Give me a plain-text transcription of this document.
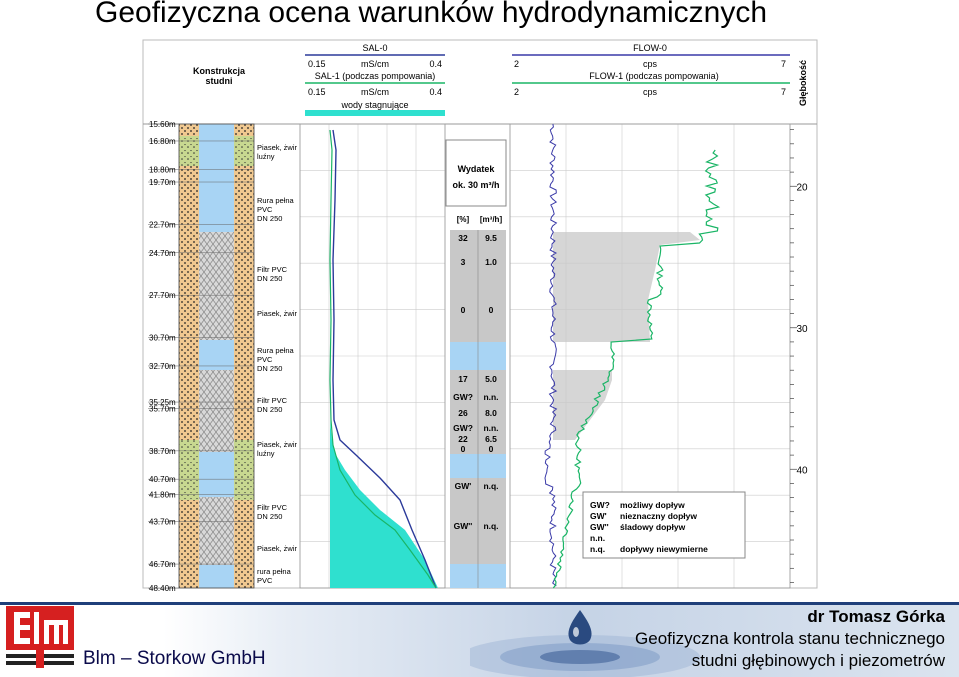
Geofizyczna ocena warunków hydrodynamicznych
Konstrukcja
studni
SAL-0
0.15	mS/cm	0.4
SAL-1 (podczas pompowania)
0.15	mS/cm	0.4
wody stagnujące
FLOW-0
2	cps	7
FLOW-1 (podczas pompowania)
2	cps	7 Głębokość
15.60m
16.80m
18.80m
19.70m
22.70m
24.70m
27.70m
30.70m
32.70m
35.25m
35.70m
38.70m
40.70m
41.80m
43.70m
46.70m
48.40m
Piasek, żwir
luźny
Rura pełna
PVC
DN 250
Filtr PVC
DN 250
Piasek, żwir
Rura pełna
PVC
DN 250
Filtr PVC
DN 250
Piasek, żwir
luźny
Filtr PVC
DN 250
Piasek, żwir
rura pełna
PVC
Wydatek
ok. 30 m³/h
[%] [m³/h]
32 9.5
3 1.0
0	0
17 5.0
GW? n.n.
26 8.0
GW? n.n.
22 6.5
0	0
GW' n.q.
GW'' n.q.
GW? możliwy dopływ
GW' nieznaczny dopływ
GW'' śladowy dopływ
n.n.
n.q. dopływy niewymierne
20
30
40
Blm – Storkow GmbH
dr Tomasz Górka
Geofizyczna kontrola stanu technicznego
studni głębinowych i piezometrów
